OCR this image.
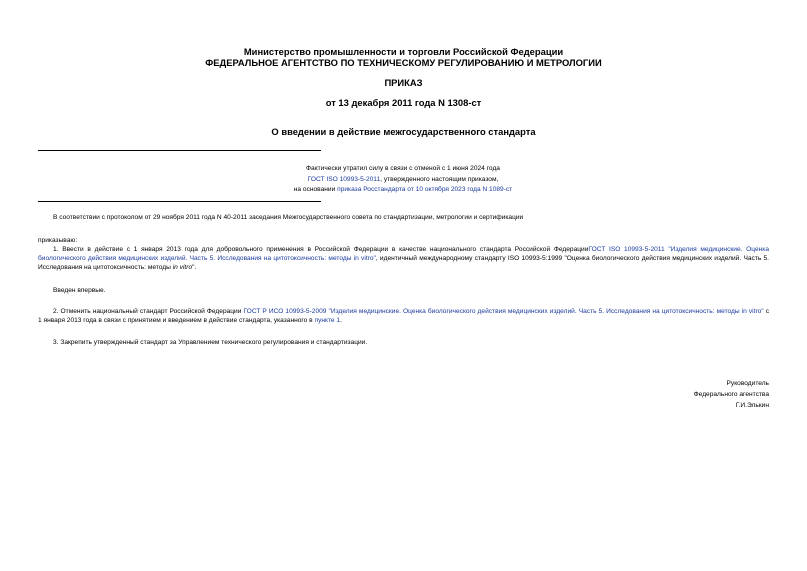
Министерство промышленности и торговли Российской Федерации
ФЕДЕРАЛЬНОЕ АГЕНТСТВО ПО ТЕХНИЧЕСКОМУ РЕГУЛИРОВАНИЮ И МЕТРОЛОГИИ
ПРИКАЗ
от 13 декабря 2011 года N 1308-ст
О введении в действие межгосударственного стандарта
Фактически утратил силу в связи с отменой с 1 июня 2024 года
ГОСТ ISO 10993-5-2011, утвержденного настоящим приказом,
на основании приказа Росстандарта от 10 октября 2023 года N 1089-ст
В соответствии с протоколом от 29 ноября 2011 года N 40-2011 заседания Межгосударственного совета по стандартизации, метрологии и сертификации
приказываю:
1. Ввести в действие с 1 января 2013 года для добровольного применения в Российской Федерации в качестве национального стандарта Российской ФедерацииГОСТ ISO 10993-5-2011 "Изделия медицинские. Оценка биологического действия медицинских изделий. Часть 5. Исследования на цитотоксичность: методы in vitro", идентичный международному стандарту ISO 10993-5:1999 "Оценка биологического действия медицинских изделий. Часть 5. Исследования на цитотоксичность: методы in vitro".
Введен впервые.
2. Отменить национальный стандарт Российской Федерации ГОСТ Р ИСО 10993-5-2009 "Изделия медицинские. Оценка биологического действия медицинских изделий. Часть 5. Исследования на цитотоксичность: методы in vitro" с 1 января 2013 года в связи с принятием и введением в действие стандарта, указанного в пункте 1.
3. Закрепить утвержденный стандарт за Управлением технического регулирования и стандартизации.
Руководитель
Федерального агентства
Г.И.Элькин
